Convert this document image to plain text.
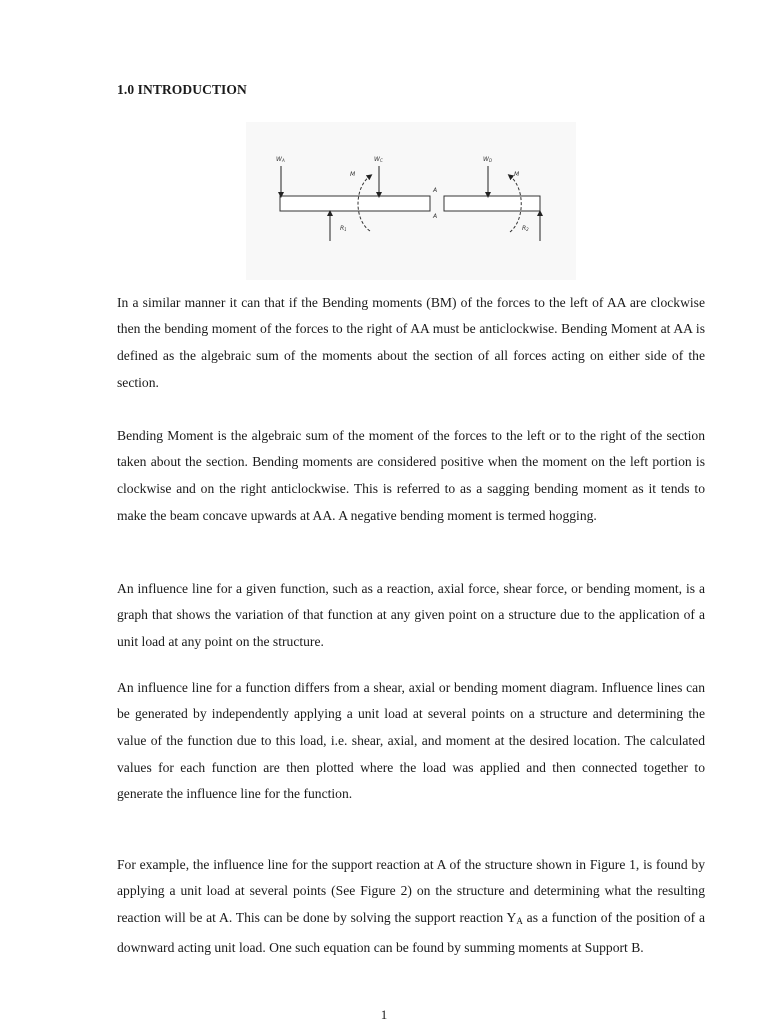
1.0 INTRODUCTION
WA	WC	WD
M	M
A
A
R1	R2

In a similar manner it can that if the Bending moments (BM) of the forces to the left of AA are clockwise then the bending moment of the forces to the right of AA must be anticlockwise. Bending Moment at AA is defined as the algebraic sum of the moments about the section of all forces acting on either side of the section.

Bending Moment is the algebraic sum of the moment of the forces to the left or to the right of the section taken about the section. Bending moments are considered positive when the moment on the left portion is clockwise and on the right anticlockwise. This is referred to as a sagging bending moment as it tends to make the beam concave upwards at AA. A negative bending moment is termed hogging.

An influence line for a given function, such as a reaction, axial force, shear force, or bending moment, is a graph that shows the variation of that function at any given point on a structure due to the application of a unit load at any point on the structure.

An influence line for a function differs from a shear, axial or bending moment diagram. Influence lines can be generated by independently applying a unit load at several points on a structure and determining the value of the function due to this load, i.e. shear, axial, and moment at the desired location. The calculated values for each function are then plotted where the load was applied and then connected together to generate the influence line for the function.

For example, the influence line for the support reaction at A of the structure shown in Figure 1, is found by applying a unit load at several points (See Figure 2) on the structure and determining what the resulting reaction will be at A. This can be done by solving the support reaction $Y_A$ as a function of the position of a downward acting unit load. One such equation can be found by summing moments at Support B.

1
